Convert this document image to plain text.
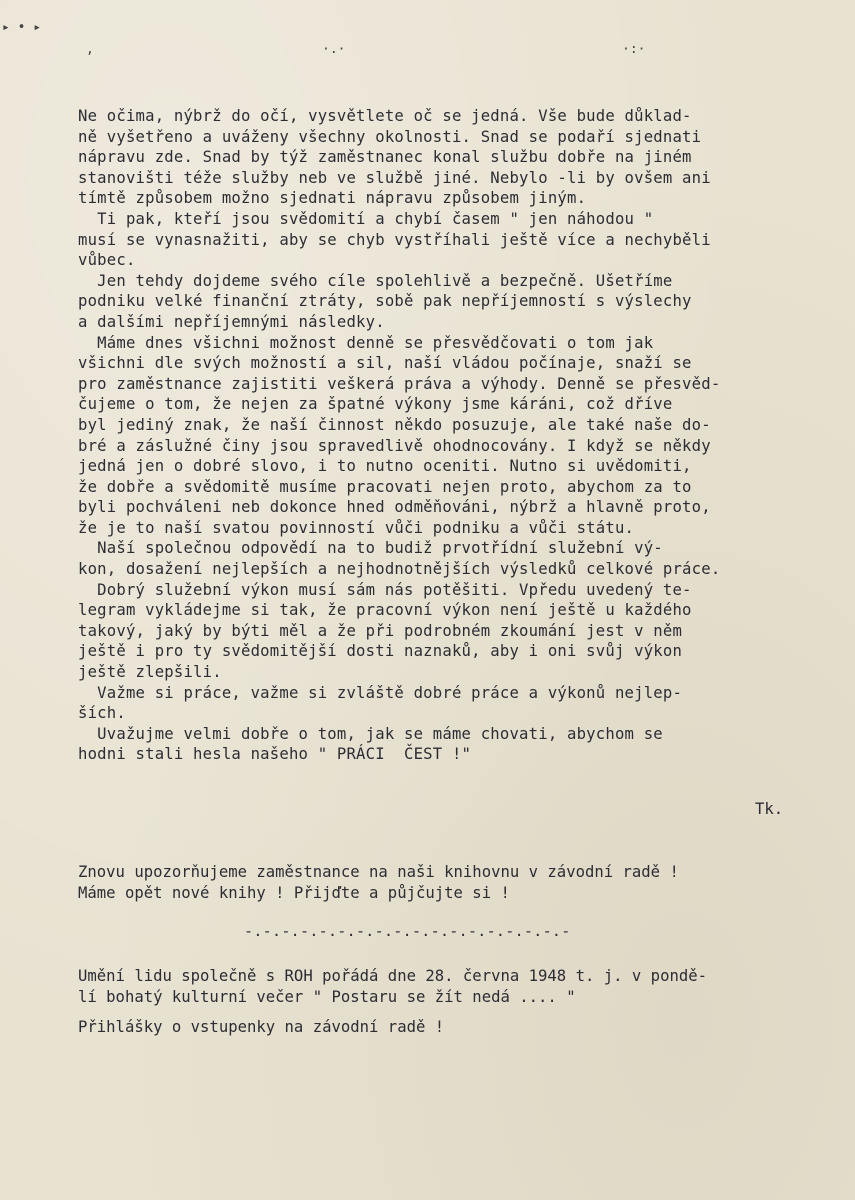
▸ • ▸
‚	·.·	·:·
Ne očima, nýbrž do očí, vysvětlete oč se jedná. Vše bude důklad-
ně vyšetřeno a uváženy všechny okolnosti. Snad se podaří sjednati
nápravu zde. Snad by týž zaměstnanec konal službu dobře na jiném
stanovišti téže služby neb ve službě jiné. Nebylo -li by ovšem ani
tímtě způsobem možno sjednati nápravu způsobem jiným.
Ti pak, kteří jsou svědomití a chybí časem " jen náhodou "
musí se vynasnažiti, aby se chyb vystříhali ještě více a nechyběli
vůbec.
Jen tehdy dojdeme svého cíle spolehlivě a bezpečně. Ušetříme
podniku velké finanční ztráty, sobě pak nepříjemností s výslechy
a dalšími nepříjemnými následky.
Máme dnes všichni možnost denně se přesvědčovati o tom jak
všichni dle svých možností a sil, naší vládou počínaje, snaží se
pro zaměstnance zajistiti veškerá práva a výhody. Denně se přesvěd-
čujeme o tom, že nejen za špatné výkony jsme káráni, což dříve
byl jediný znak, že naší činnost někdo posuzuje, ale také naše do-
bré a záslužné činy jsou spravedlivě ohodnocovány. I když se někdy
jedná jen o dobré slovo, i to nutno oceniti. Nutno si uvědomiti,
že dobře a svědomitě musíme pracovati nejen proto, abychom za to
byli pochváleni neb dokonce hned odměňováni, nýbrž a hlavně proto,
že je to naší svatou povinností vůči podniku a vůči státu.
Naší společnou odpovědí na to budiž prvotřídní služební vý-
kon, dosažení nejlepších a nejhodnotnějších výsledků celkové práce.
Dobrý služební výkon musí sám nás potěšiti. Vpředu uvedený te-
legram vykládejme si tak, že pracovní výkon není ještě u každého
takový, jaký by býti měl a že při podrobném zkoumání jest v něm
ještě i pro ty svědomitější dosti naznaků, aby i oni svůj výkon
ještě zlepšili.
Važme si práce, važme si zvláště dobré práce a výkonů nejlep-
ších.
Uvažujme velmi dobře o tom, jak se máme chovati, abychom se
hodni stali hesla našeho " PRÁCI  ČEST !"
Tk.
Znovu upozorňujeme zaměstnance na naši knihovnu v závodní radě !
Máme opět nové knihy ! Přijďte a půjčujte si !
-.-.-.-.-.-.-.-.-.-.-.-.-.-.-.-.-.-
Umění lidu společně s ROH pořádá dne 28. června 1948 t. j. v pondě-
lí bohatý kulturní večer " Postaru se žít nedá .... "
Přihlášky o vstupenky na závodní radě !
